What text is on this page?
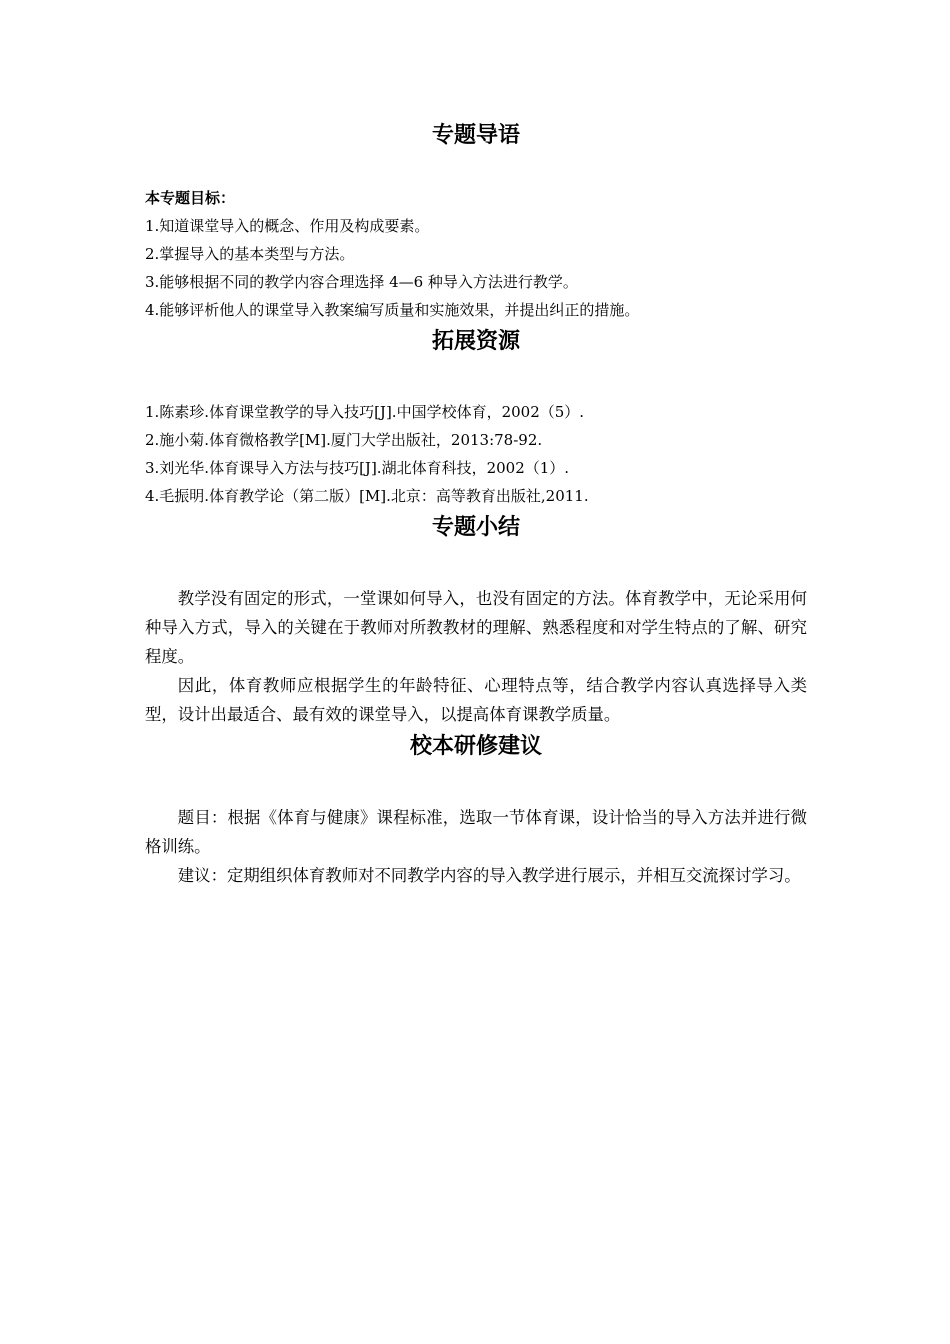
专题导语

本专题目标：

1.知道课堂导入的概念、作用及构成要素。

2.掌握导入的基本类型与方法。

3.能够根据不同的教学内容合理选择 4—6 种导入方法进行教学。

4.能够评析他人的课堂导入教案编写质量和实施效果，并提出纠正的措施。

拓展资源

1.陈素珍.体育课堂教学的导入技巧[J].中国学校体育，2002（5）.

2.施小菊.体育微格教学[M].厦门大学出版社，2013:78-92.

3.刘光华.体育课导入方法与技巧[J].湖北体育科技，2002（1）.

4.毛振明.体育教学论（第二版）[M].北京：高等教育出版社,2011.

专题小结

教学没有固定的形式，一堂课如何导入，也没有固定的方法。体育教学中，无论采用何种导入方式，导入的关键在于教师对所教教材的理解、熟悉程度和对学生特点的了解、研究程度。

因此，体育教师应根据学生的年龄特征、心理特点等，结合教学内容认真选择导入类型，设计出最适合、最有效的课堂导入，以提高体育课教学质量。

校本研修建议

题目：根据《体育与健康》课程标准，选取一节体育课，设计恰当的导入方法并进行微格训练。

建议：定期组织体育教师对不同教学内容的导入教学进行展示，并相互交流探讨学习。
